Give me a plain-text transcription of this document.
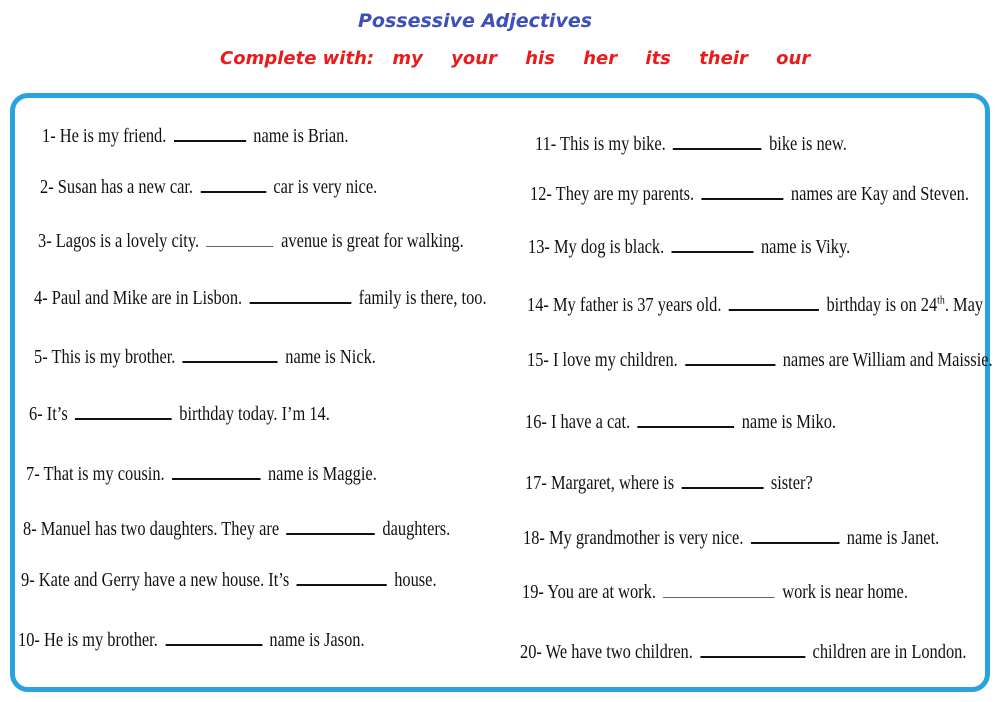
Possessive Adjectives
Complete with: my your his her its their our
1- He is my friend.	name is Brian.
2- Susan has a new car.	car is very nice.
3- Lagos is a lovely city.	avenue is great for walking.
4- Paul and Mike are in Lisbon.	family is there, too.
5- This is my brother.	name is Nick.
6- It’s	birthday today. I’m 14.
7- That is my cousin.	name is Maggie.
8- Manuel has two daughters. They are	daughters.
9- Kate and Gerry have a new house. It’s	house.
10- He is my brother.	name is Jason.
11- This is my bike.	bike is new.
12- They are my parents.	names are Kay and Steven.
13- My dog is black.	name is Viky.
14- My father is 37 years old.	birthday is on 24th. May
15- I love my children.	names are William and Maissie.
16- I have a cat.	name is Miko.
17- Margaret, where is	sister?
18- My grandmother is very nice.	name is Janet.
19- You are at work.	work is near home.
20- We have two children.	children are in London.
